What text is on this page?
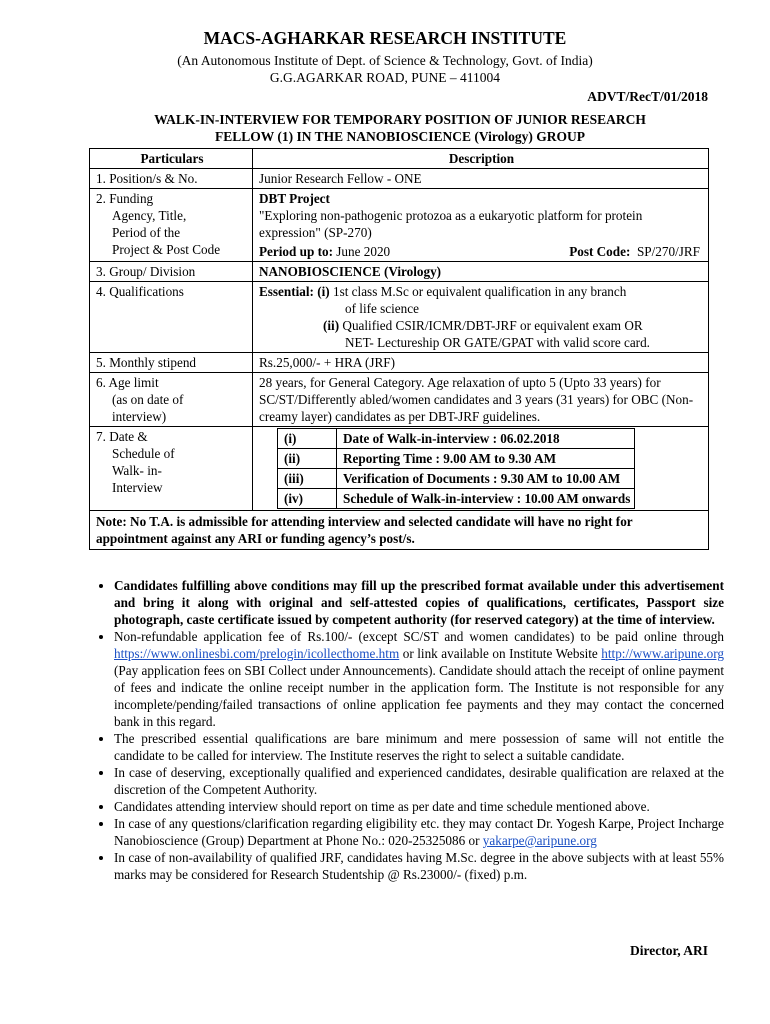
MACS-AGHARKAR RESEARCH INSTITUTE
(An Autonomous Institute of Dept. of Science & Technology, Govt. of India)
G.G.AGARKAR ROAD, PUNE – 411004
ADVT/RecT/01/2018
WALK-IN-INTERVIEW FOR TEMPORARY POSITION OF JUNIOR RESEARCH
FELLOW (1) IN THE NANOBIOSCIENCE (Virology) GROUP
Particulars	Description
1. Position/s & No.	Junior Research Fellow - ONE

2. Funding
Agency, Title,
Period of the
Project & Post Code

DBT Project
"Exploring non-pathogenic protozoa as a eukaryotic platform for protein expression" (SP-270)
Period up to: June 2020	Post Code: SP/270/JRF

3. Group/ Division	NANOBIOSCIENCE (Virology)
4. Qualifications	Essential: (i) 1st class M.Sc or equivalent qualification in any branch
of life science
(ii) Qualified CSIR/ICMR/DBT-JRF or equivalent exam OR
NET- Lectureship OR GATE/GPAT with valid score card.

5. Monthly stipend	Rs.25,000/- + HRA (JRF)

6. Age limit
(as on date of
interview)
	28 years, for General Category. Age relaxation of upto 5 (Upto 33 years) for SC/ST/Differently abled/women candidates and 3 years (31 years) for OBC (Non-creamy layer) candidates as per DBT-JRF guidelines.

7. Date &
Schedule of
Walk- in-
Interview

(i)	Date of Walk-in-interview : 06.02.2018
(ii)	Reporting Time : 9.00 AM to 9.30 AM
(iii)	Verification of Documents : 9.30 AM to 10.00 AM
(iv)	Schedule of Walk-in-interview : 10.00 AM onwards

Note: No T.A. is admissible for attending interview and selected candidate will have no right for appointment against any ARI or funding agency’s post/s.
• Candidates fulfilling above conditions may fill up the prescribed format available under this advertisement and bring it along with original and self-attested copies of qualifications, certificates, Passport size photograph, caste certificate issued by competent authority (for reserved category) at the time of interview.
• Non-refundable application fee of Rs.100/- (except SC/ST and women candidates) to be paid online through https://www.onlinesbi.com/prelogin/icollecthome.htm or link available on Institute Website http://www.aripune.org (Pay application fees on SBI Collect under Announcements). Candidate should attach the receipt of online payment of fees and indicate the online receipt number in the application form. The Institute is not responsible for any incomplete/pending/failed transactions of online application fee payments and they may contact the concerned bank in this regard.
• The prescribed essential qualifications are bare minimum and mere possession of same will not entitle the candidate to be called for interview. The Institute reserves the right to select a suitable candidate.
• In case of deserving, exceptionally qualified and experienced candidates, desirable qualification are relaxed at the discretion of the Competent Authority.
• Candidates attending interview should report on time as per date and time schedule mentioned above.
• In case of any questions/clarification regarding eligibility etc. they may contact Dr. Yogesh Karpe, Project Incharge Nanobioscience (Group) Department at Phone No.: 020-25325086 or yakarpe@aripune.org
• In case of non-availability of qualified JRF, candidates having M.Sc. degree in the above subjects with at least 55% marks may be considered for Research Studentship @ Rs.23000/- (fixed) p.m.
Director, ARI
